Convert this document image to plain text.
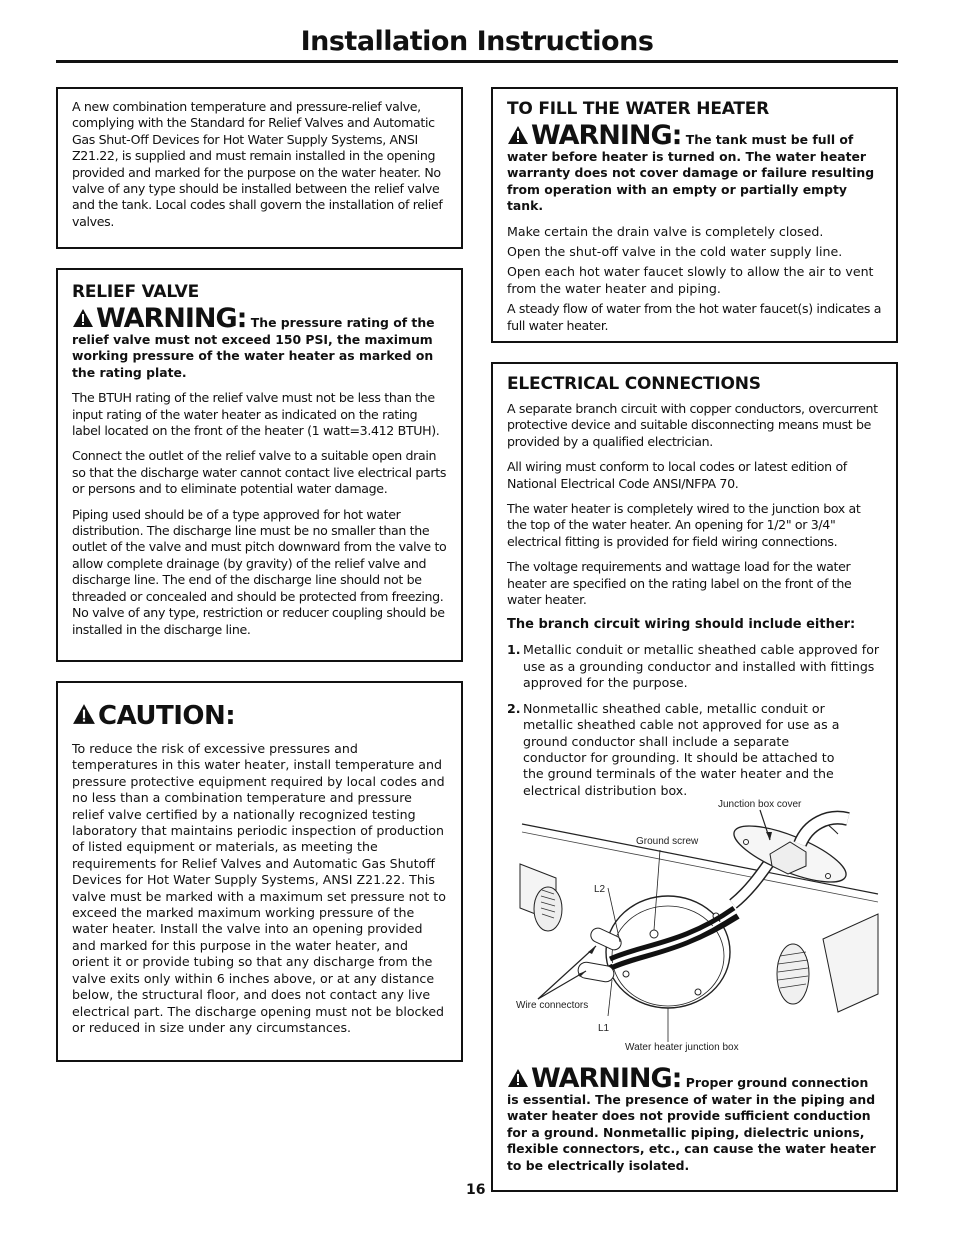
Installation Instructions

A new combination temperature and pressure-relief valve, complying with the Standard for Relief Valves and Automatic Gas Shut-Off Devices for Hot Water Supply Systems, ANSI Z21.22, is supplied and must remain installed in the opening provided and marked for the purpose on the water heater. No valve of any type should be installed between the relief valve and the tank. Local codes shall govern the installation of relief valves.

RELIEF VALVE
WARNING: The pressure rating of the relief valve must not exceed 150 PSI, the maximum working pressure of the water heater as marked on the rating plate.

The BTUH rating of the relief valve must not be less than the input rating of the water heater as indicated on the rating label located on the front of the heater (1 watt=3.412 BTUH).

Connect the outlet of the relief valve to a suitable open drain so that the discharge water cannot contact live electrical parts or persons and to eliminate potential water damage.

Piping used should be of a type approved for hot water distribution. The discharge line must be no smaller than the outlet of the valve and must pitch downward from the valve to allow complete drainage (by gravity) of the relief valve and discharge line. The end of the discharge line should not be threaded or concealed and should be protected from freezing. No valve of any type, restriction or reducer coupling should be installed in the discharge line.

CAUTION:

To reduce the risk of excessive pressures and temperatures in this water heater, install temperature and pressure protective equipment required by local codes and no less than a combination temperature and pressure relief valve certified by a nationally recognized testing laboratory that maintains periodic inspection of production of listed equipment or materials, as meeting the requirements for Relief Valves and Automatic Gas Shutoff Devices for Hot Water Supply Systems, ANSI Z21.22. This valve must be marked with a maximum set pressure not to exceed the marked maximum working pressure of the water heater. Install the valve into an opening provided and marked for this purpose in the water heater, and orient it or provide tubing so that any discharge from the valve exits only within 6 inches above, or at any distance below, the structural floor, and does not contact any live electrical part. The discharge opening must not be blocked or reduced in size under any circumstances.

TO FILL THE WATER HEATER
WARNING: The tank must be full of water before heater is turned on. The water heater warranty does not cover damage or failure resulting from operation with an empty or partially empty tank.

Make certain the drain valve is completely closed.

Open the shut-off valve in the cold water supply line.

Open each hot water faucet slowly to allow the air to vent from the water heater and piping.

A steady flow of water from the hot water faucet(s) indicates a full water heater.

ELECTRICAL CONNECTIONS

A separate branch circuit with copper conductors, overcurrent protective device and suitable disconnecting means must be provided by a qualified electrician.

All wiring must conform to local codes or latest edition of National Electrical Code ANSI/NFPA 70.

The water heater is completely wired to the junction box at the top of the water heater. An opening for 1/2" or 3/4" electrical fitting is provided for field wiring connections.

The voltage requirements and wattage load for the water heater are specified on the rating label on the front of the water heater.

The branch circuit wiring should include either:
1. Metallic conduit or metallic sheathed cable approved for use as a grounding conductor and installed with fittings approved for the purpose.
2. Nonmetallic sheathed cable, metallic conduit or metallic sheathed cable not approved for use as a ground conductor shall include a separate conductor for grounding. It should be attached to the ground terminals of the water heater and the electrical distribution box.
Junction box cover
Ground screw
L2
Wire connectors
L1
Water heater junction box
WARNING: Proper ground connection is essential. The presence of water in the piping and water heater does not provide sufficient conduction for a ground. Nonmetallic piping, dielectric unions, flexible connectors, etc., can cause the water heater to be electrically isolated.
16
